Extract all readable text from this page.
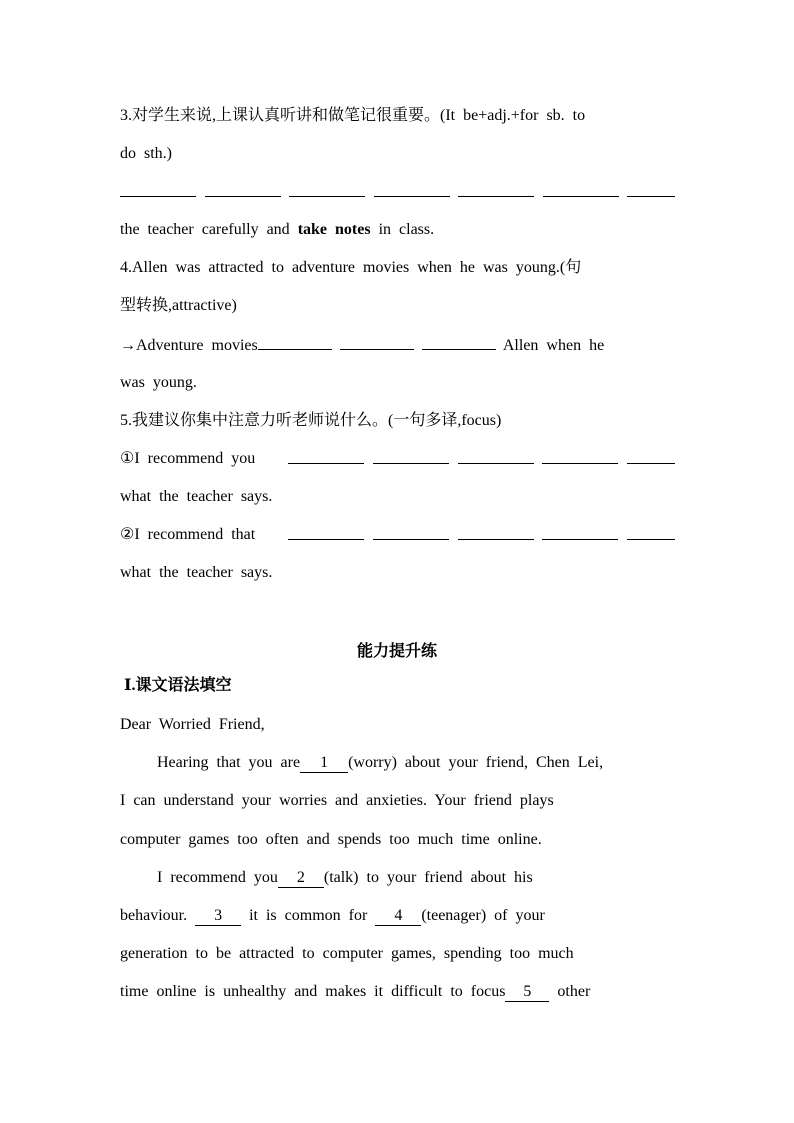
3.对学生来说,上课认真听讲和做笔记很重要。(It be+adj.+for sb. to
do sth.)
the teacher carefully and take notes in class.
4.Allen was attracted to adventure movies when he was young.(句
型转换,attractive)
→Adventure movies	Allen when he
was young.
5.我建议你集中注意力听老师说什么。(一句多译,focus)
①I recommend you
what the teacher says.
②I recommend that
what the teacher says.
能力提升练
Ⅰ.课文语法填空
Dear Worried Friend,
Hearing that you are 1 (worry) about your friend, Chen Lei,
I can understand your worries and anxieties. Your friend plays
computer games too often and spends too much time online.
I recommend you 2 (talk) to your friend about his
behaviour. 3 it is common for 4 (teenager) of your
generation to be attracted to computer games, spending too much
time online is unhealthy and makes it difficult to focus 5 other
